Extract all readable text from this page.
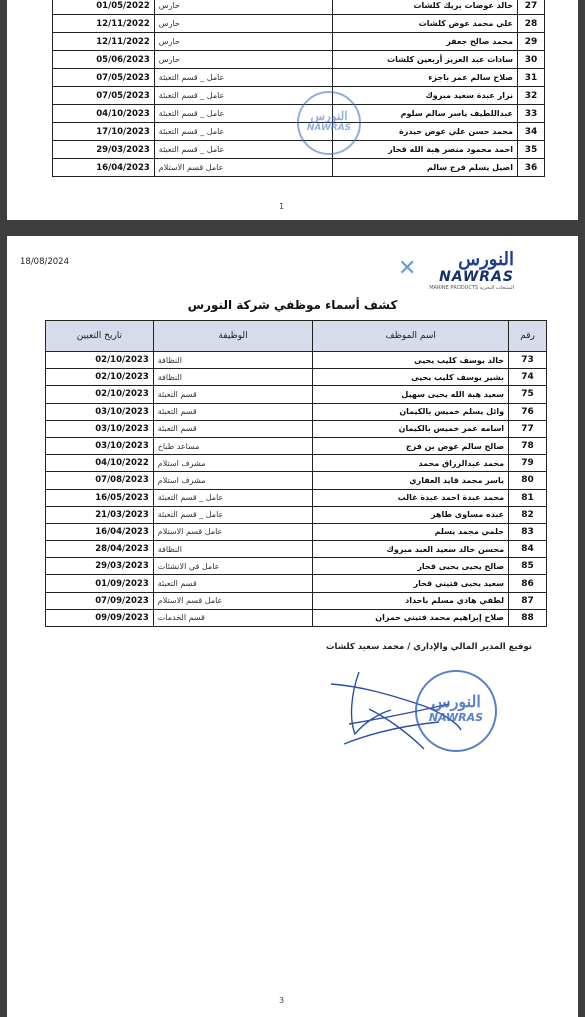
01/05/2022	حارس	خالد عوضات بريك كلشات	27
12/11/2022	حارس	علي محمد عوض كلشات	28
12/11/2022	حارس	محمد صالح جعفر	29
05/06/2023	حارس	سادات عبد العزيز أربعين كلشات	30
07/05/2023	عامل _ قسم التعبئة	صلاح سالم عمر باجزء	31
07/05/2023	عامل _ قسم التعبئة	نزار عبدة سعيد مبروك	32
04/10/2023	عامل _ قسم التعبئة	عبداللطيف ياسر سالم سلوم	33
17/10/2023	عامل _ قسم التعبئة	محمد حسن علي عوض حيدرة	34
29/03/2023	عامل _ قسم التعبئة	احمد محمود منصر هبة الله قحار	35
16/04/2023	عامل قسم الاستلام	اصيل يسلم فرج سالم	36
النورس
NAWRAS
1
18/08/2024	✕	النورس
NAWRAS
MARINE PRODUCTS المنتجات البحرية
كشف أسماء موظفي شركة النورس
تاريخ التعيين	الوظيفة	اسم الموظف	رقم
02/10/2023	النظافة	خالد يوسف كليب يحيى	73
02/10/2023	النظافة	بشير يوسف كليب يحيى	74
02/10/2023	قسم التعبئة	سعيد هبة الله يحيى سهيل	75
03/10/2023	قسم التعبئة	وائل يسلم خميس بالكيمان	76
03/10/2023	قسم التعبئة	اسامه عمر خميس بالكيمان	77
03/10/2023	مساعد طباخ	صالح سالم عوض بن فرج	78
04/10/2022	مشرف استلام	محمد عبدالرزاق محمد	79
07/08/2023	مشرف استلام	ياسر محمد قايد العفاري	80
16/05/2023	عامل _ قسم التعبئة	محمد عبدة احمد عبدة غالب	81
21/03/2023	عامل _ قسم التعبئة	عبده مساوى طاهر	82
16/04/2023	عامل قسم الاستلام	حلمي مجمد يسلم	83
28/04/2023	النظافة	محسن خالد سعيد العبد مبروك	84
29/03/2023	عامل في الانشئات	صالح يحيى يحيى قحار	85
01/09/2023	قسم التعبئة	سعيد يحيى فتيني قحار	86
07/09/2023	عامل قسم الاستلام	لطفي هادي مسلم باحداد	87
09/09/2023	قسم الخدمات	صلاح إبراهيم محمد فتيني حمران	88
توقيع المدير المالي والإداري / محمد سعيد كلشات
النورس
NAWRAS
3
